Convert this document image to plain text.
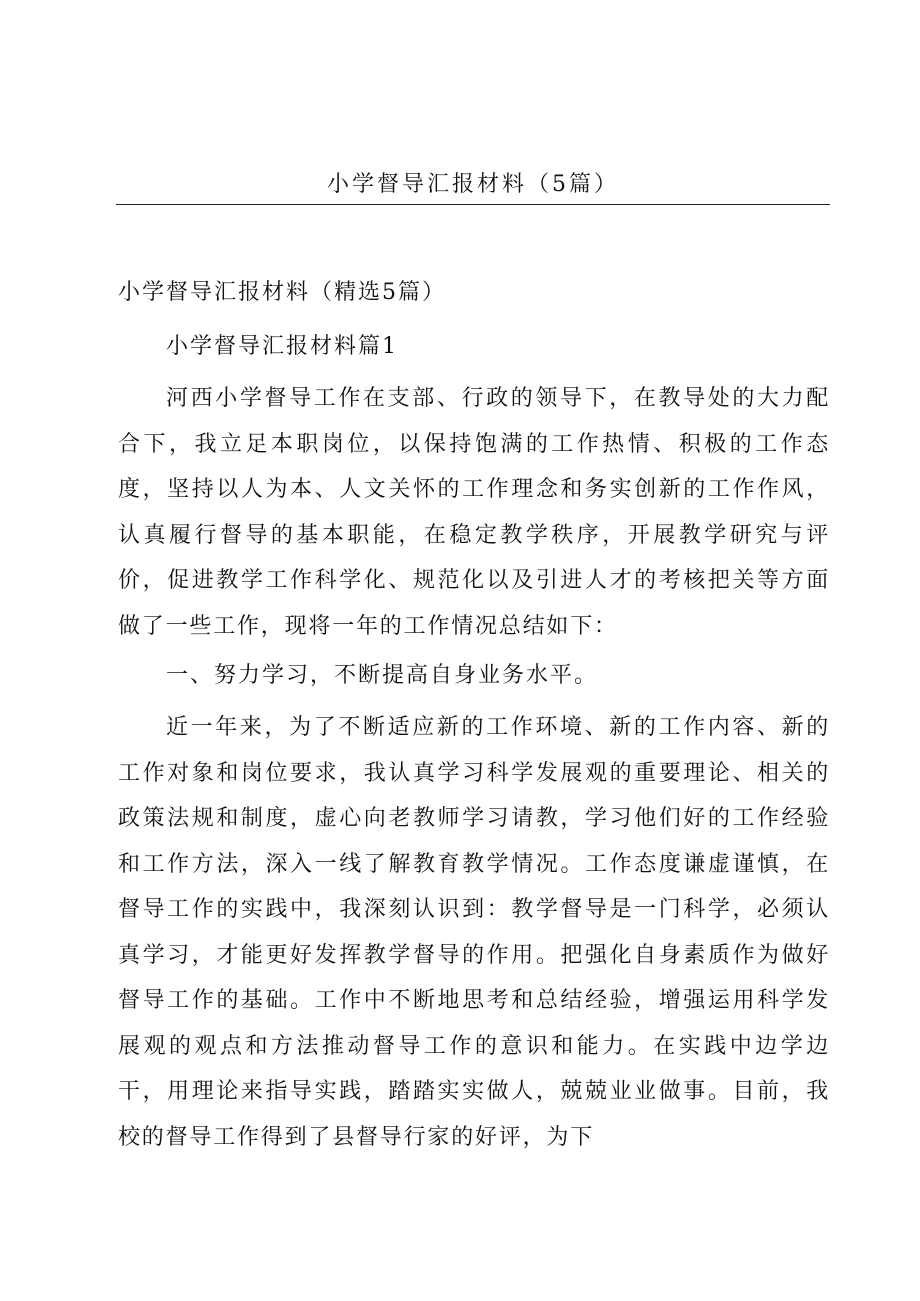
小学督导汇报材料（5篇）
小学督导汇报材料（精选5篇）
小学督导汇报材料篇1

河西小学督导工作在支部、行政的领导下，在教导处的大力配合下，我立足本职岗位，以保持饱满的工作热情、积极的工作态度，坚持以人为本、人文关怀的工作理念和务实创新的工作作风，认真履行督导的基本职能，在稳定教学秩序，开展教学研究与评价，促进教学工作科学化、规范化以及引进人才的考核把关等方面做了一些工作，现将一年的工作情况总结如下：

一、努力学习，不断提高自身业务水平。

近一年来，为了不断适应新的工作环境、新的工作内容、新的工作对象和岗位要求，我认真学习科学发展观的重要理论、相关的政策法规和制度，虚心向老教师学习请教，学习他们好的工作经验和工作方法，深入一线了解教育教学情况。工作态度谦虚谨慎，在督导工作的实践中，我深刻认识到：教学督导是一门科学，必须认真学习，才能更好发挥教学督导的作用。把强化自身素质作为做好督导工作的基础。工作中不断地思考和总结经验，增强运用科学发展观的观点和方法推动督导工作的意识和能力。在实践中边学边干，用理论来指导实践，踏踏实实做人，兢兢业业做事。目前，我校的督导工作得到了县督导行家的好评，为下
